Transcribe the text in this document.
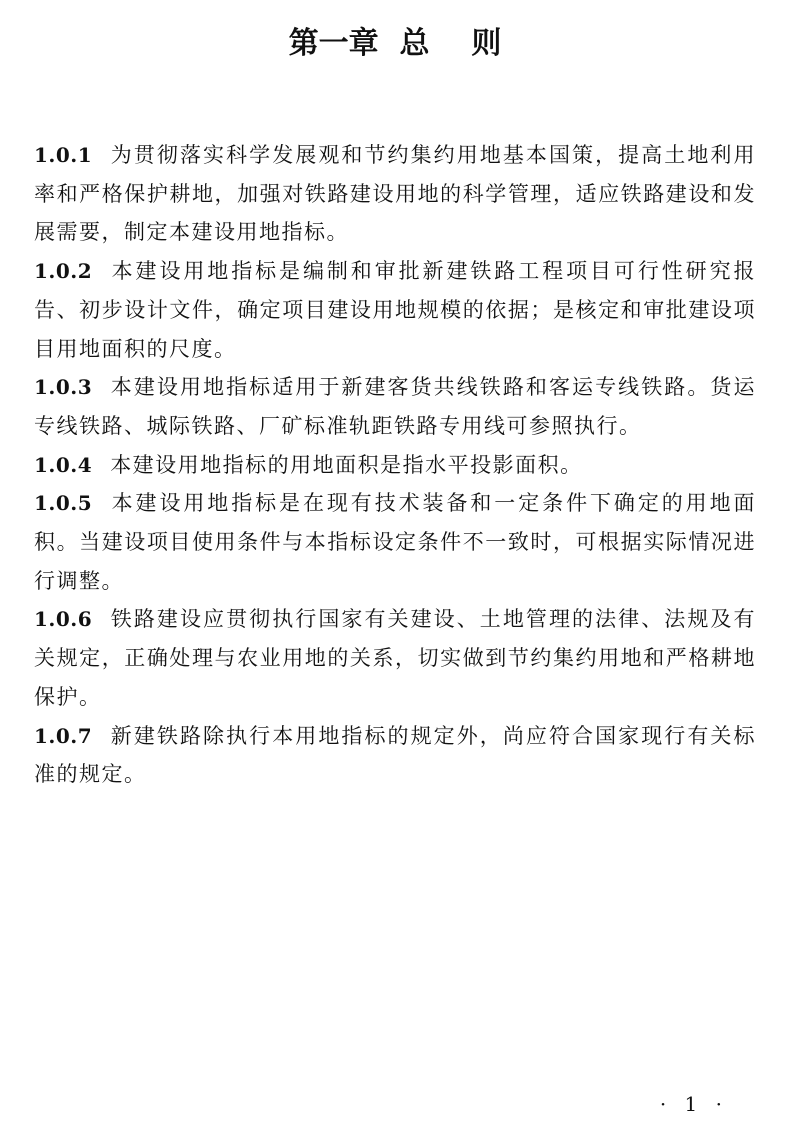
第一章  总    则

1.0.1 为贯彻落实科学发展观和节约集约用地基本国策，提高土地利用率和严格保护耕地，加强对铁路建设用地的科学管理，适应铁路建设和发展需要，制定本建设用地指标。

1.0.2 本建设用地指标是编制和审批新建铁路工程项目可行性研究报告、初步设计文件，确定项目建设用地规模的依据；是核定和审批建设项目用地面积的尺度。

1.0.3 本建设用地指标适用于新建客货共线铁路和客运专线铁路。货运专线铁路、城际铁路、厂矿标准轨距铁路专用线可参照执行。

1.0.4 本建设用地指标的用地面积是指水平投影面积。

1.0.5 本建设用地指标是在现有技术装备和一定条件下确定的用地面积。当建设项目使用条件与本指标设定条件不一致时，可根据实际情况进行调整。

1.0.6 铁路建设应贯彻执行国家有关建设、土地管理的法律、法规及有关规定，正确处理与农业用地的关系，切实做到节约集约用地和严格耕地保护。

1.0.7 新建铁路除执行本用地指标的规定外，尚应符合国家现行有关标准的规定。

· 1 ·
